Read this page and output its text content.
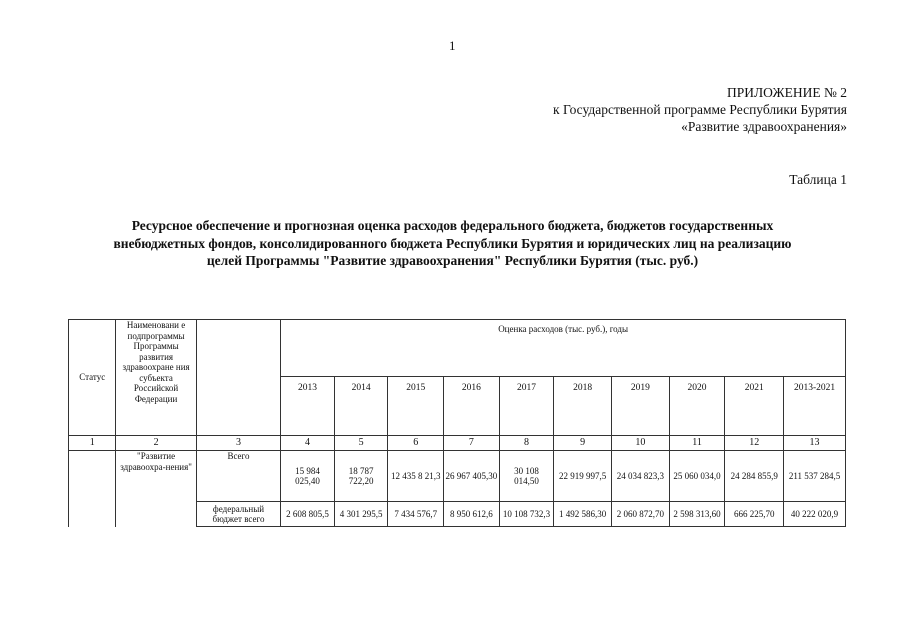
1
ПРИЛОЖЕНИЕ № 2
к Государственной программе Республики Бурятия
«Развитие здравоохранения»
Таблица 1
Ресурсное обеспечение и прогнозная оценка расходов федерального бюджета, бюджетов государственных
внебюджетных фондов, консолидированного бюджета Республики Бурятия и юридических лиц на реализацию
целей Программы "Развитие здравоохранения" Республики Бурятия (тыс. руб.)
Статус	Наименовани е подпрограммы Программы развития здравоохране ния субъекта Российской Федерации		Оценка расходов (тыс. руб.), годы									
			2013	2014	2015	2016	2017	2018	2019	2020	2021	2013-2021
1	2	3	4	5	6	7	8	9	10	11	12	13
	"Развитие здравоохра-нения"	Всего	15 984 025,40	18 787 722,20	12 435 8 21,3	26 967 405,30	30 108 014,50	22 919 997,5	24 034 823,3	25 060 034,0	24 284 855,9	211 537 284,5
		федеральный бюджет всего	2 608 805,5	4 301 295,5	7 434 576,7	8 950 612,6	10 108 732,3	1 492 586,30	2 060 872,70	2 598 313,60	666 225,70	40 222 020,9
